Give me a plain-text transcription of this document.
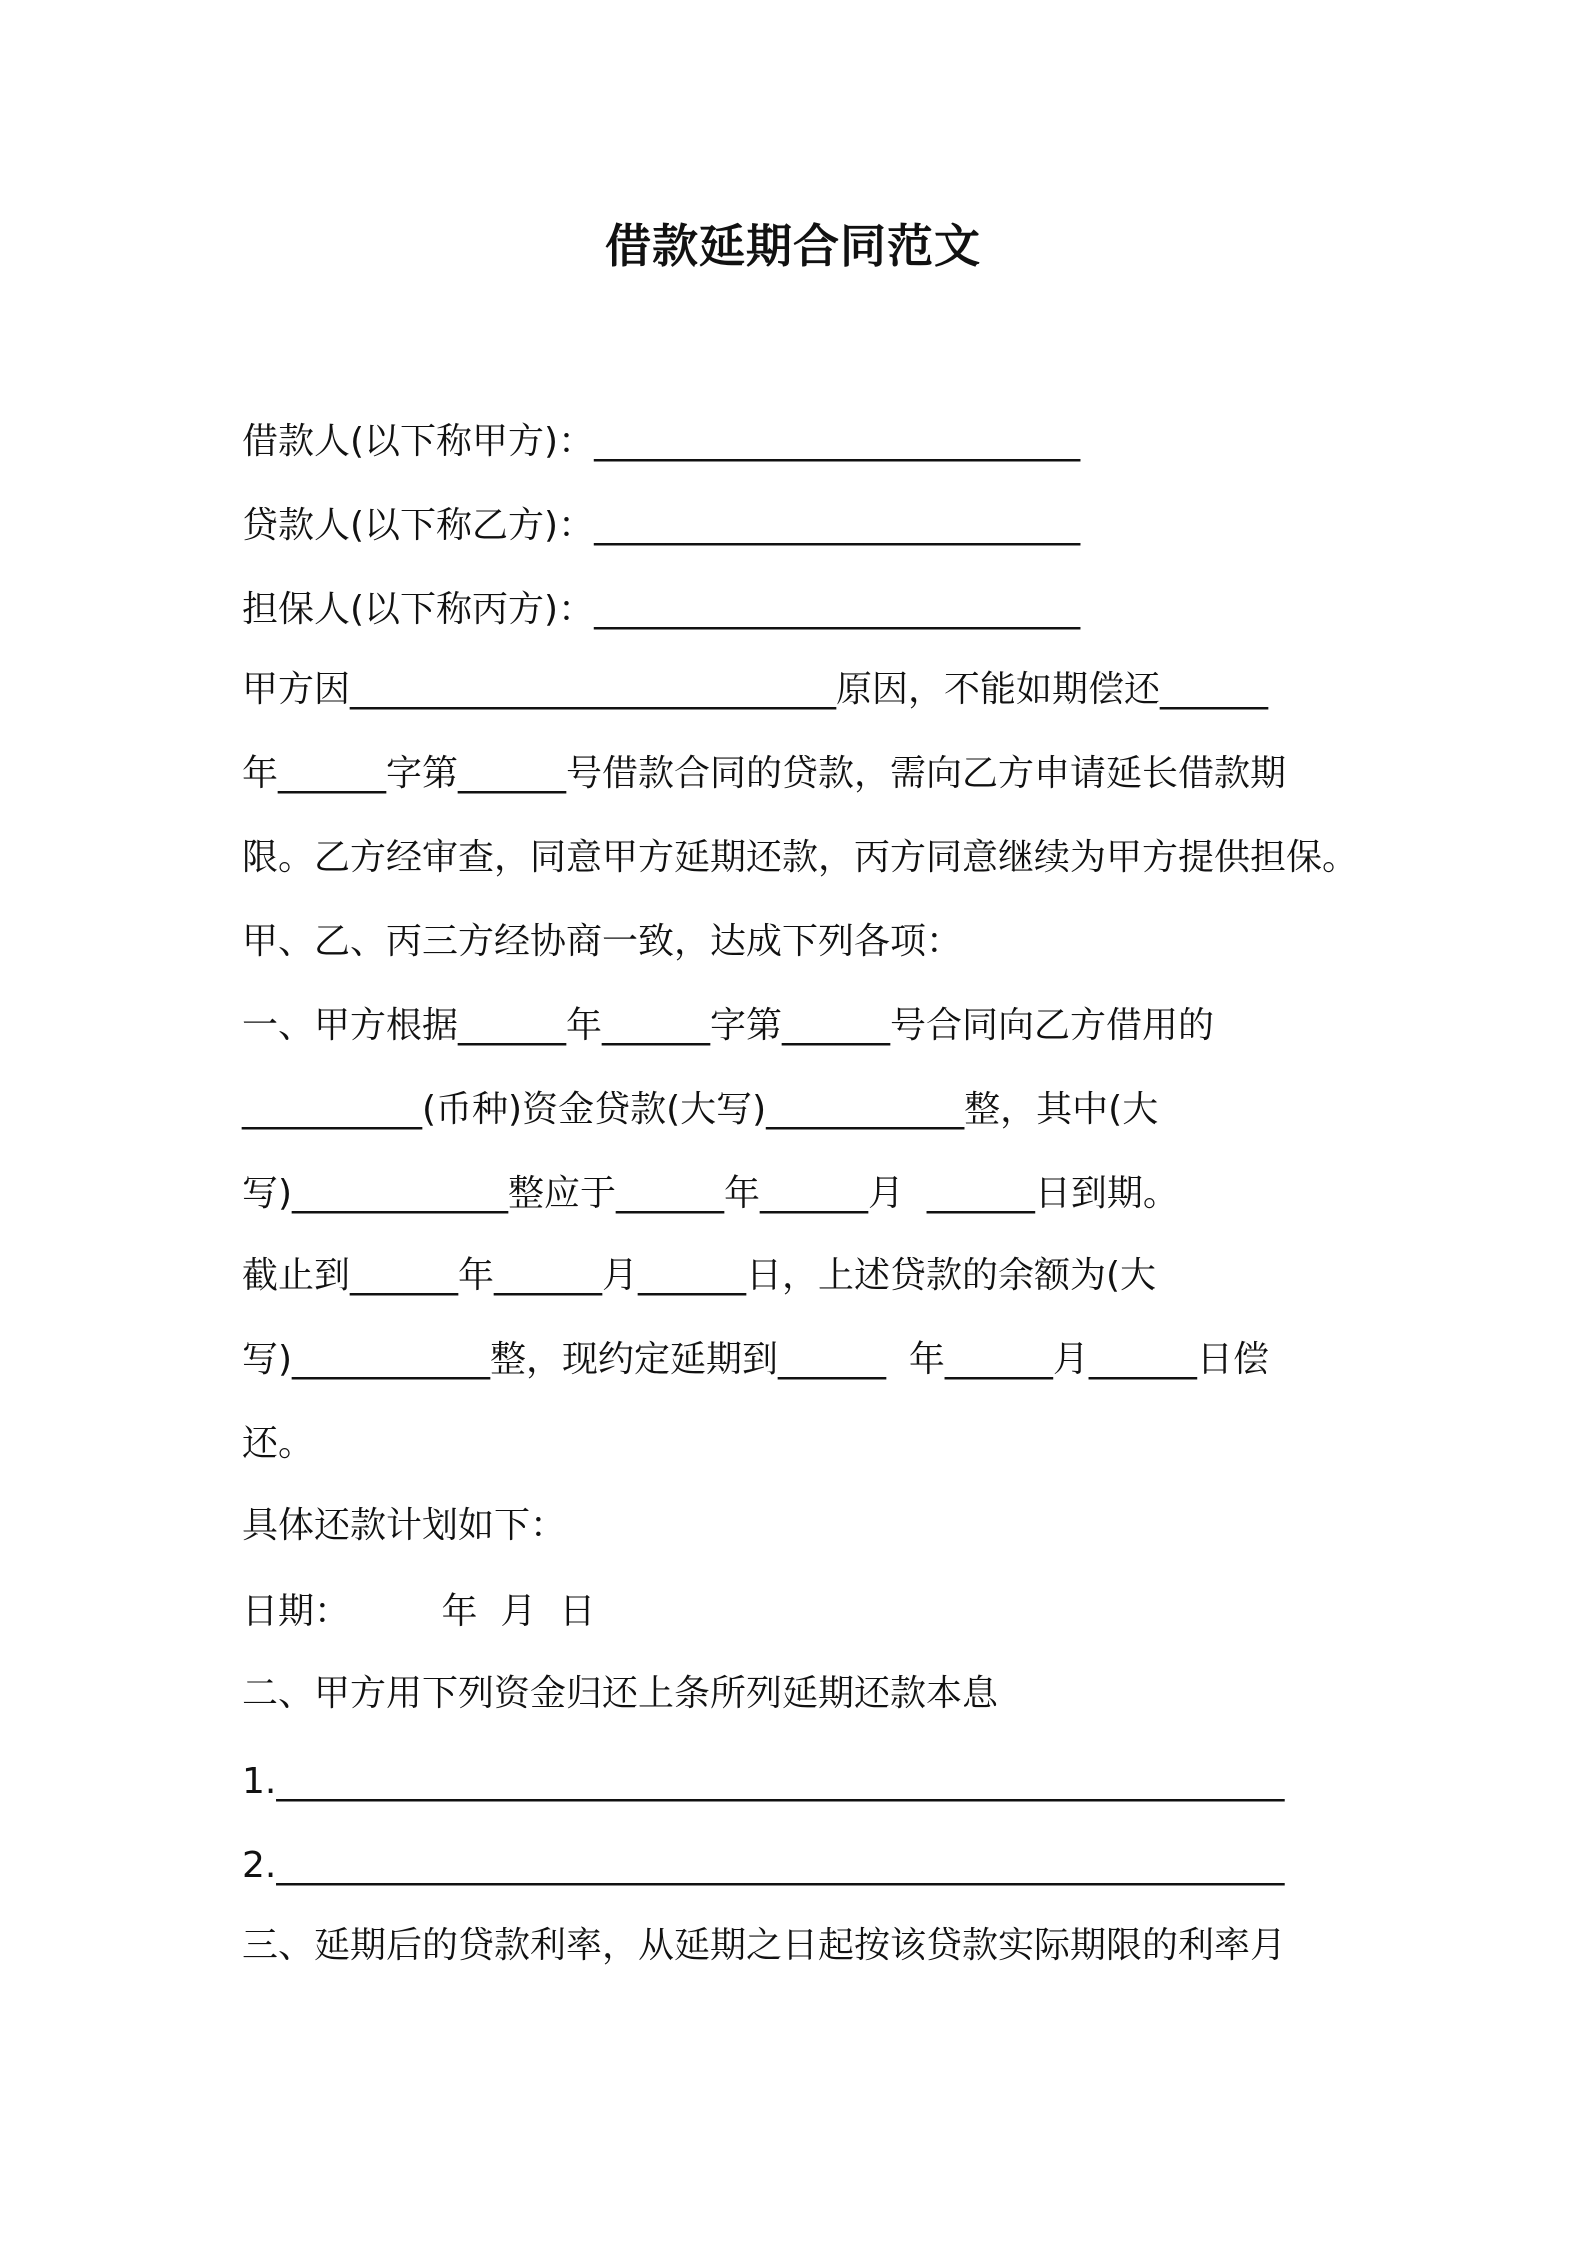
借款延期合同范文
借款人(以下称甲方)：___________________________
贷款人(以下称乙方)：___________________________
担保人(以下称丙方)：___________________________
甲方因___________________________原因，不能如期偿还______
年______字第______号借款合同的贷款，需向乙方申请延长借款期
限。乙方经审查，同意甲方延期还款，丙方同意继续为甲方提供担保。
甲、乙、丙三方经协商一致，达成下列各项：
一、甲方根据______年______字第______号合同向乙方借用的
__________(币种)资金贷款(大写)___________整，其中(大
写)____________整应于______年______月  ______日到期。
截止到______年______月______日，上述贷款的余额为(大
写)___________整，现约定延期到______  年______月______日偿
还。
具体还款计划如下：
日期：        年  月  日
二、甲方用下列资金归还上条所列延期还款本息
1.________________________________________________________
2.________________________________________________________
三、延期后的贷款利率，从延期之日起按该贷款实际期限的利率月
